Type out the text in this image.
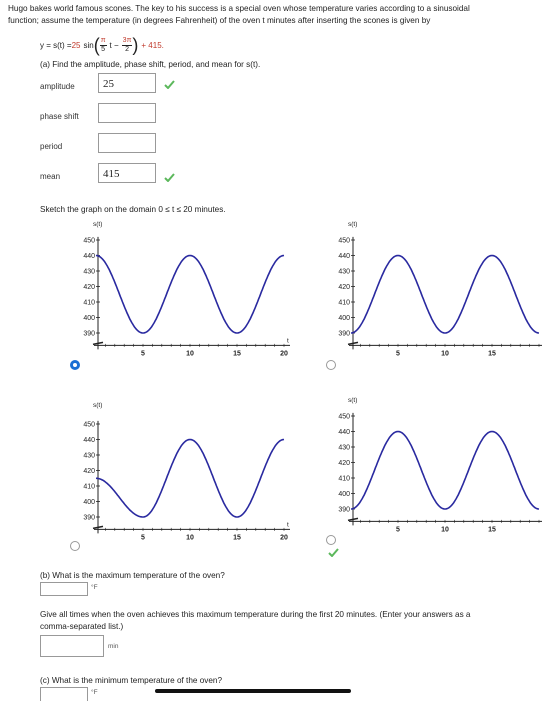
Hugo bakes world famous scones. The key to his success is a special oven whose temperature varies according to a sinusoidal
function; assume the temperature (in degrees Fahrenheit) of the oven t minutes after inserting the scones is given by
y = s(t) = 25 sin ( π
5 $t - \frac{3\pi}{2}$ ) + 415.
(a) Find the amplitude, phase shift, period, and mean for s(t).
amplitude	25
phase shift
period
mean	415
Sketch the graph on the domain 0 ≤ t ≤ 20 minutes.
s(t)
390
400
410
420
430
440
450
5	10	15	20
t
s(t)
390
400
410
420
430
440
450
5	10	15
s(t)
390
400
410
420
430
440
450
5	10	15	20
t
s(t)
390
400
410
420
430
440
450
5	10	15
(b) What is the maximum temperature of the oven?
°F
Give all times when the oven achieves this maximum temperature during the first 20 minutes. (Enter your answers as a
comma-separated list.)
min
(c) What is the minimum temperature of the oven?
°F
